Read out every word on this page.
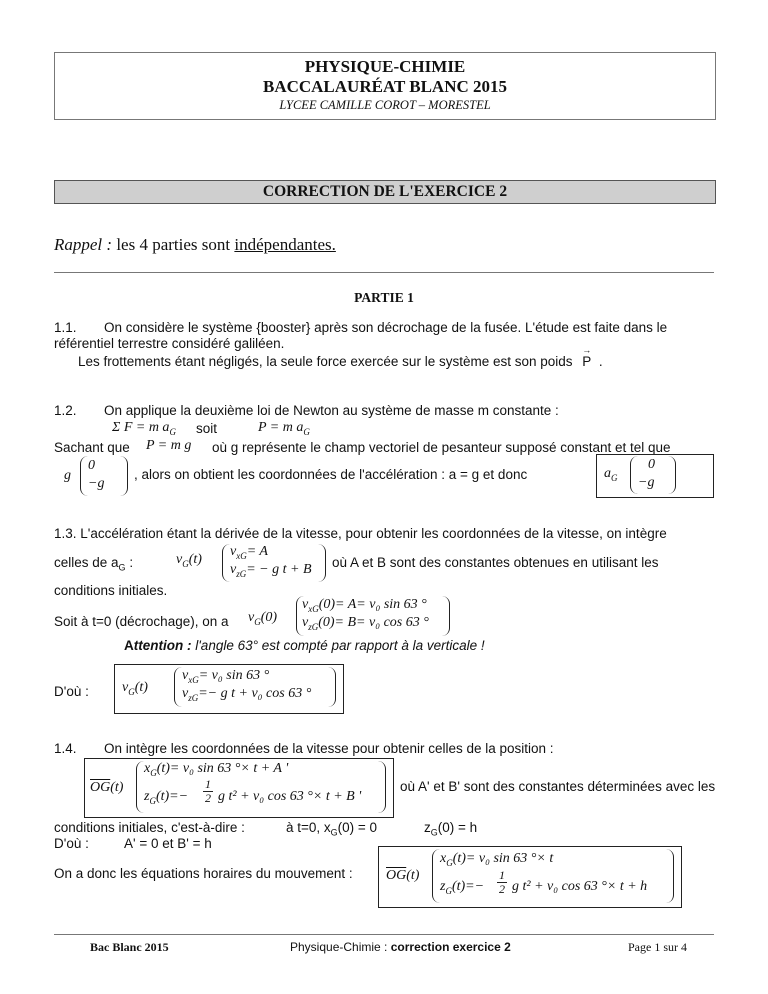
PHYSIQUE-CHIMIE
BACCALAURÉAT BLANC 2015
LYCEE CAMILLE COROT – MORESTEL
CORRECTION DE L'EXERCICE 2
Rappel : les 4 parties sont indépendantes.
PARTIE 1
1.1. On considère le système {booster} après son décrochage de la fusée. L'étude est faite dans le
référentiel terrestre considéré galiléen.
Les frottements étant négligés, la seule force exercée sur le système est son poids → P .
1.2. On applique la deuxième loi de Newton au système de masse m constante :
Σ F = m $a_G$ soit	P = m $a_G$
Sachant que P = m g où g représente le champ vectoriel de pesanteur supposé constant et tel que
g
0
−g
, alors on obtient les coordonnées de l'accélération : a = g et donc	$a_G$
0
−g
1.3. L'accélération étant la dérivée de la vitesse, pour obtenir les coordonnées de la vitesse, on intègre
celles de $a_G$ :	$v_G(t)$
$v_{xG}= A$
$v_{zG}= - g$ t + B où A et B sont des constantes obtenues en utilisant les
conditions initiales.
Soit à t=0 (décrochage), on a $v_G(0)$
$v_{xG}(0)= A= v_0$ sin 63 °
$v_{zG}(0)= B= v_0$ cos 63 °
Attention : l'angle 63° est compté par rapport à la verticale !
D'où : $v_G(t)$
$v_{xG}= v_0$ sin 63 °
$v_{zG}=- g$ t + v₀ cos 63 °
1.4. On intègre les coordonnées de la vitesse pour obtenir celles de la position :
$\overline{OG}(t)$
$x_G(t)= v_0$ sin 63 °× t + A '
$z_G(t)=- \frac{1}{2}$ g t² + v₀ cos 63 °× t + B '
où A' et B' sont des constantes déterminées avec les
conditions initiales, c'est-à-dire :	à t=0, $x_G(0) = 0$	$z_G(0) = h$
D'où :	A' = 0 et B' = h
On a donc les équations horaires du mouvement : $\overline{OG}(t)$
$x_G(t)= v_0$ sin 63 °× t
$z_G(t)=- \frac{1}{2}$ g t² + v₀ cos 63 °× t + h
Bac Blanc 2015	Physique-Chimie : correction exercice 2	Page 1 sur 4
